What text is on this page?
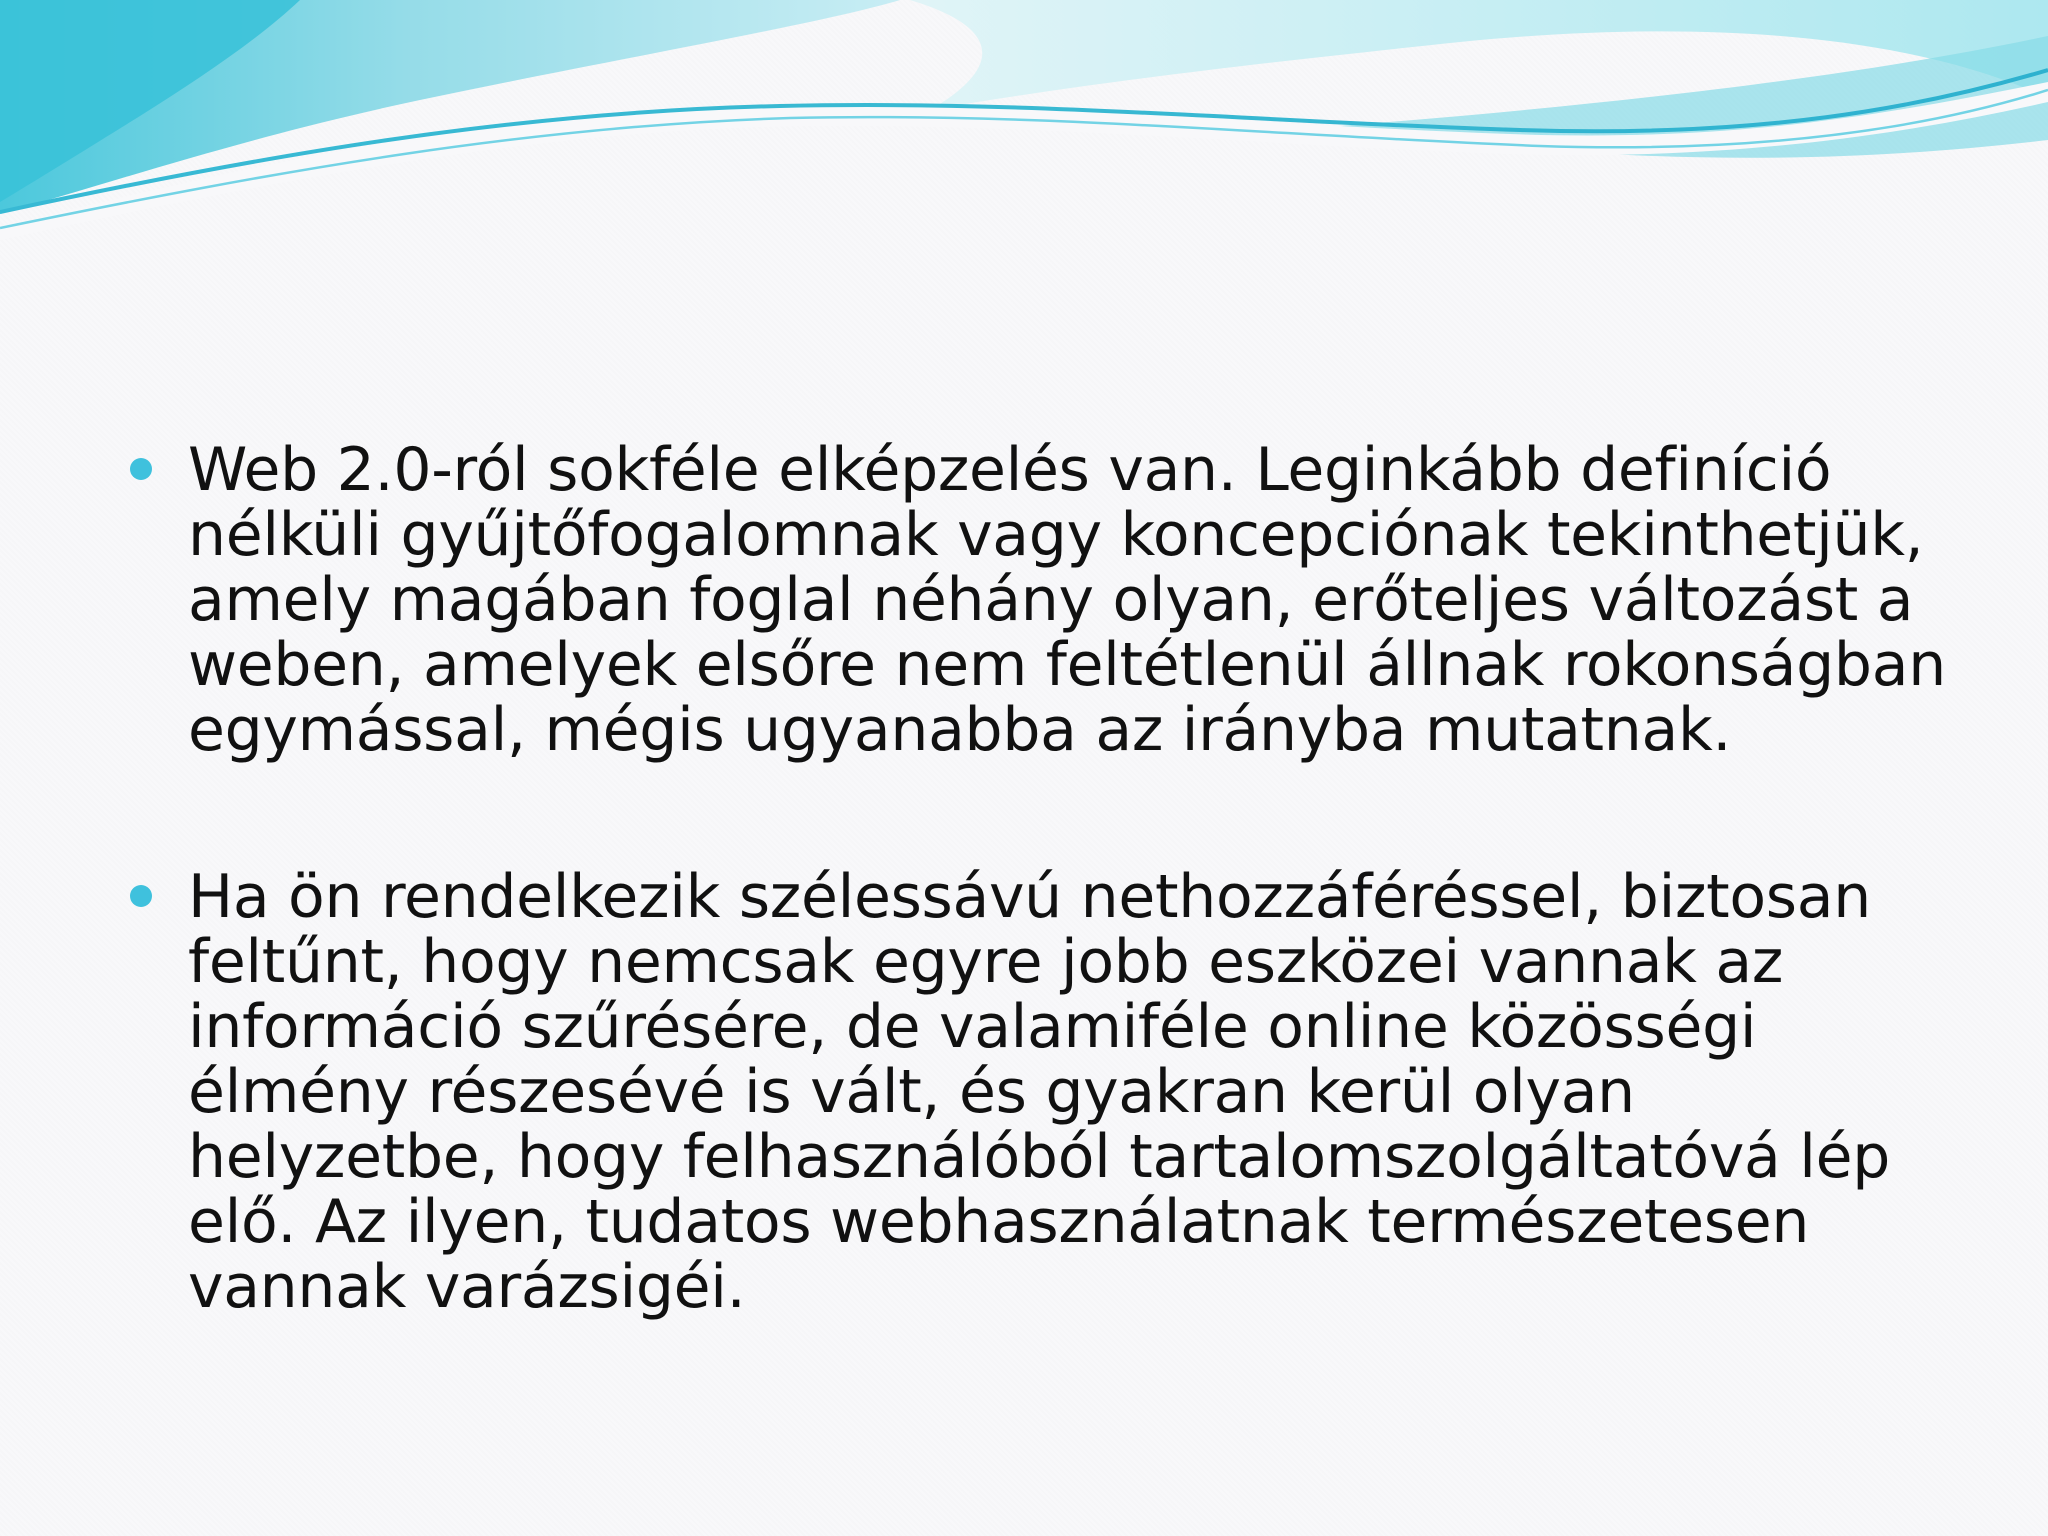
Web 2.0-ról sokféle elképzelés van. Leginkább definíció nélküli gyűjtőfogalomnak vagy koncepciónak tekinthetjük, amely magában foglal néhány olyan, erőteljes változást a weben, amelyek elsőre nem feltétlenül állnak rokonságban egymással, mégis ugyanabba az irányba mutatnak.

Ha ön rendelkezik szélessávú nethozzáféréssel, biztosan feltűnt, hogy nemcsak egyre jobb eszközei vannak az információ szűrésére, de valamiféle online közösségi élmény részesévé is vált, és gyakran kerül olyan helyzetbe, hogy felhasználóból tartalomszolgáltatóvá lép elő. Az ilyen, tudatos webhasználatnak természetesen vannak varázsigéi.
